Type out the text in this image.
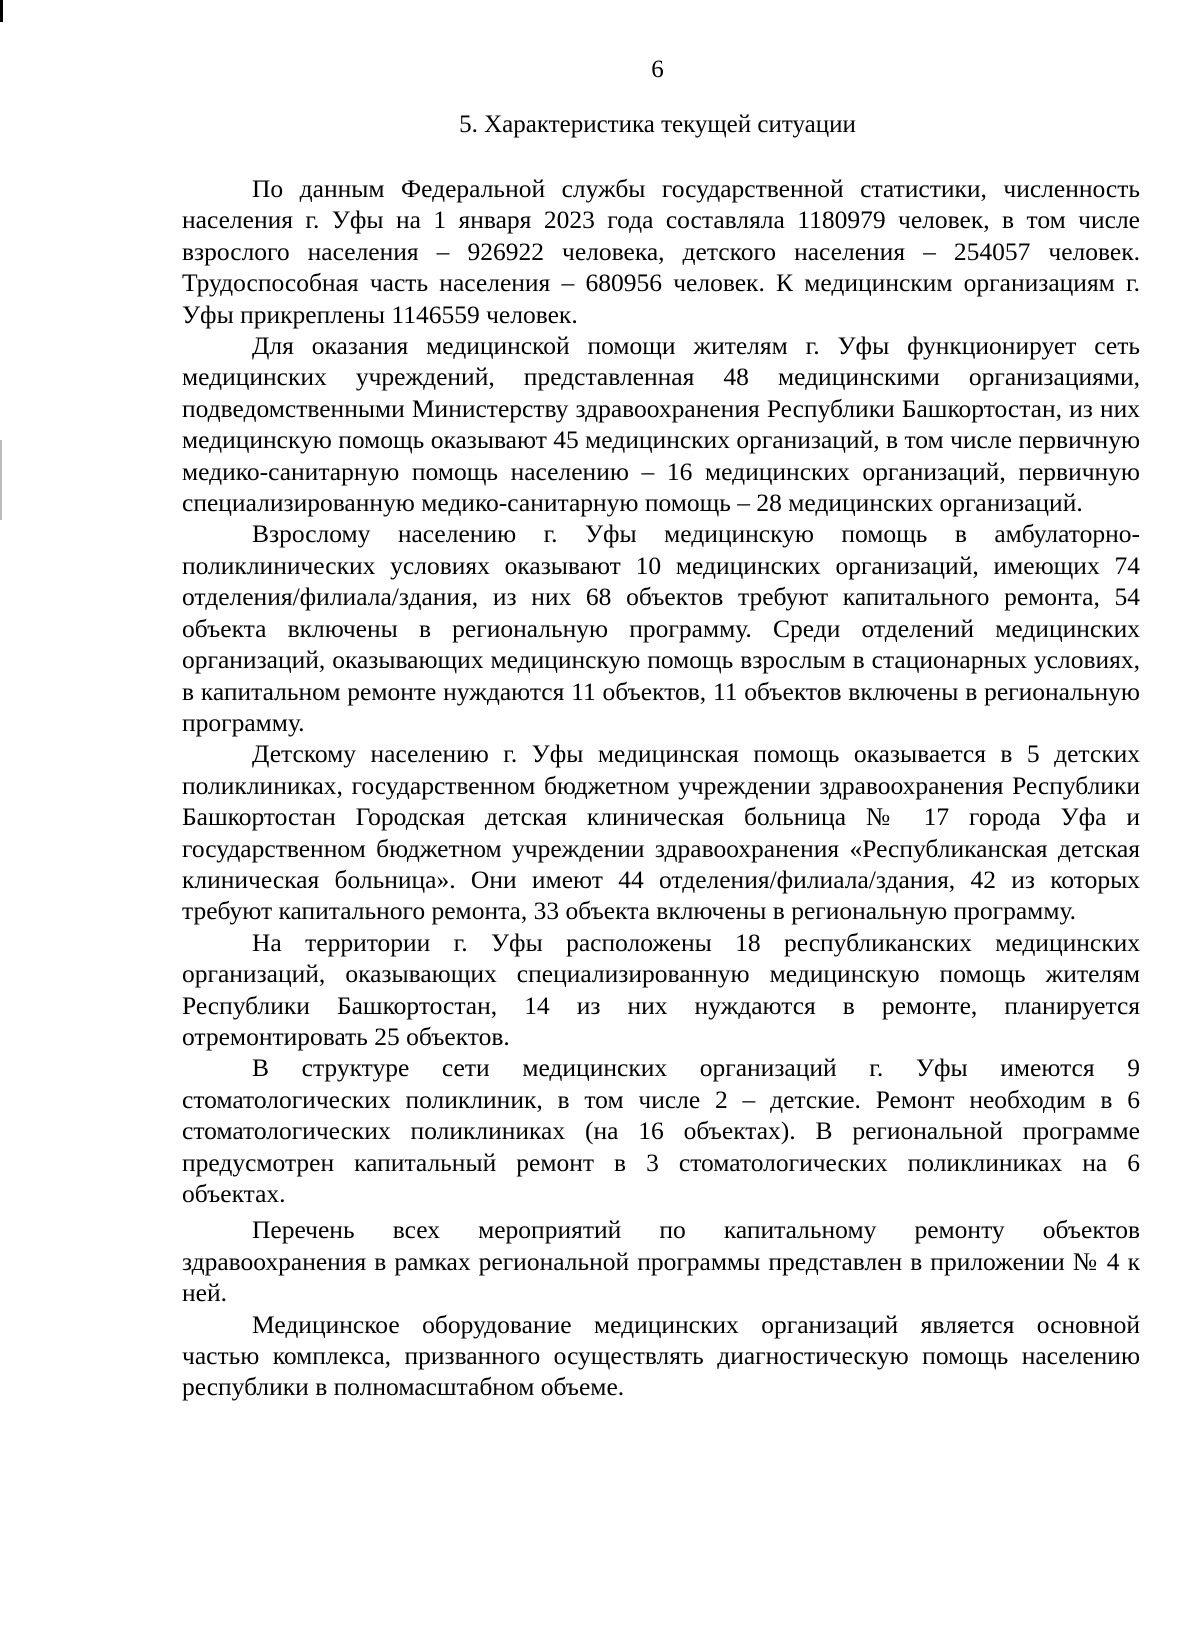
6
5. Характеристика текущей ситуации

По данным Федеральной службы государственной статистики, численность населения г. Уфы на 1 января 2023 года составляла 1180979 человек, в том числе взрослого населения – 926922 человека, детского населения – 254057 человек. Трудоспособная часть населения – 680956 человек. К медицинским организациям г. Уфы прикреплены 1146559 человек.

Для оказания медицинской помощи жителям г. Уфы функционирует сеть медицинских учреждений, представленная 48 медицинскими организациями, подведомственными Министерству здравоохранения Республики Башкортостан, из них медицинскую помощь оказывают 45 медицинских организаций, в том числе первичную медико-санитарную помощь населению – 16 медицинских организаций, первичную специализированную медико-санитарную помощь – 28 медицинских организаций.

Взрослому населению г. Уфы медицинскую помощь в амбулаторно-поликлинических условиях оказывают 10 медицинских организаций, имеющих 74 отделения/филиала/здания, из них 68 объектов требуют капитального ремонта, 54 объекта включены в региональную программу. Среди отделений медицинских организаций, оказывающих медицинскую помощь взрослым в стационарных условиях, в капитальном ремонте нуждаются 11 объектов, 11 объектов включены в региональную программу.

Детскому населению г. Уфы медицинская помощь оказывается в 5 детских поликлиниках, государственном бюджетном учреждении здравоохранения Республики Башкортостан Городская детская клиническая больница № 17 города Уфа и государственном бюджетном учреждении здравоохранения «Республиканская детская клиническая больница». Они имеют 44 отделения/филиала/здания, 42 из которых требуют капитального ремонта, 33 объекта включены в региональную программу.

На территории г. Уфы расположены 18 республиканских медицинских организаций, оказывающих специализированную медицинскую помощь жителям Республики Башкортостан, 14 из них нуждаются в ремонте, планируется отремонтировать 25 объектов.

В структуре сети медицинских организаций г. Уфы имеются 9 стоматологических поликлиник, в том числе 2 – детские. Ремонт необходим в 6 стоматологических поликлиниках (на 16 объектах). В региональной программе предусмотрен капитальный ремонт в 3 стоматологических поликлиниках на 6 объектах.

Перечень всех мероприятий по капитальному ремонту объектов здравоохранения в рамках региональной программы представлен в приложении № 4 к ней.

Медицинское оборудование медицинских организаций является основной частью комплекса, призванного осуществлять диагностическую помощь населению республики в полномасштабном объеме.
